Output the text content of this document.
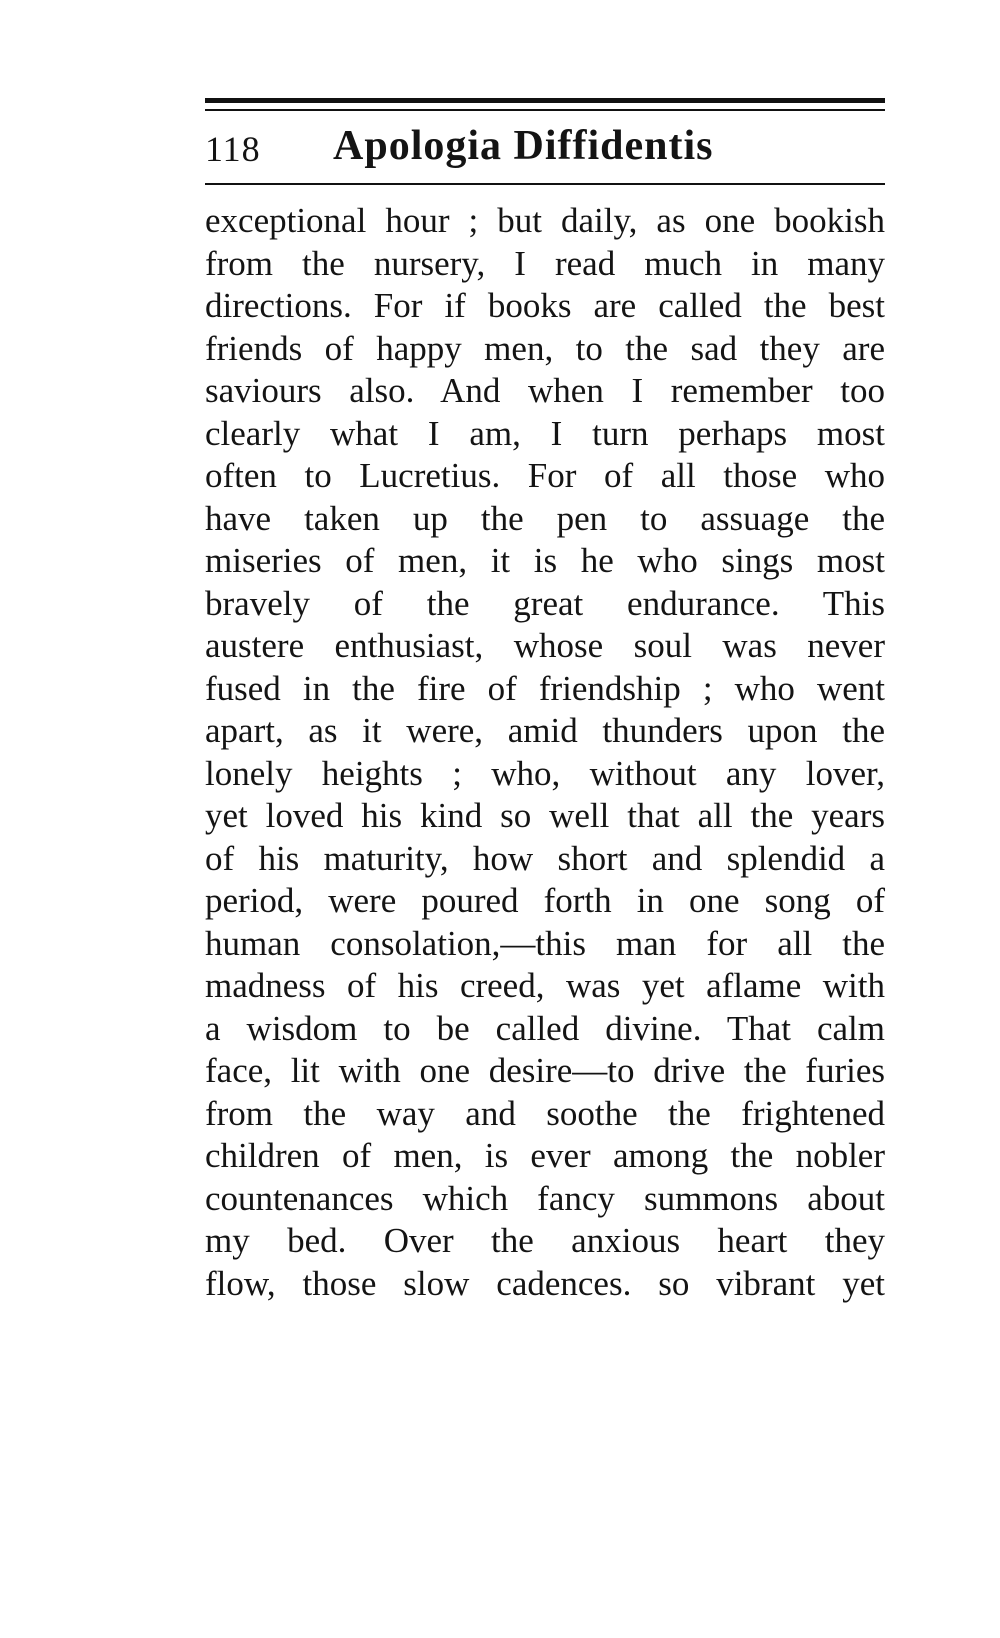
118 Apologia Diffidentis
exceptional hour ; but daily, as one bookish
from the nursery, I read much in many
directions. For if books are called the best
friends of happy men, to the sad they are
saviours also. And when I remember too
clearly what I am, I turn perhaps most
often to Lucretius. For of all those who
have taken up the pen to assuage the
miseries of men, it is he who sings most
bravely of the great endurance. This
austere enthusiast, whose soul was never
fused in the fire of friendship ; who went
apart, as it were, amid thunders upon the
lonely heights ; who, without any lover,
yet loved his kind so well that all the years
of his maturity, how short and splendid a
period, were poured forth in one song of
human consolation,—this man for all the
madness of his creed, was yet aflame with
a wisdom to be called divine. That calm
face, lit with one desire—to drive the furies
from the way and soothe the frightened
children of men, is ever among the nobler
countenances which fancy summons about
my bed. Over the anxious heart they
flow, those slow cadences. so vibrant yet
